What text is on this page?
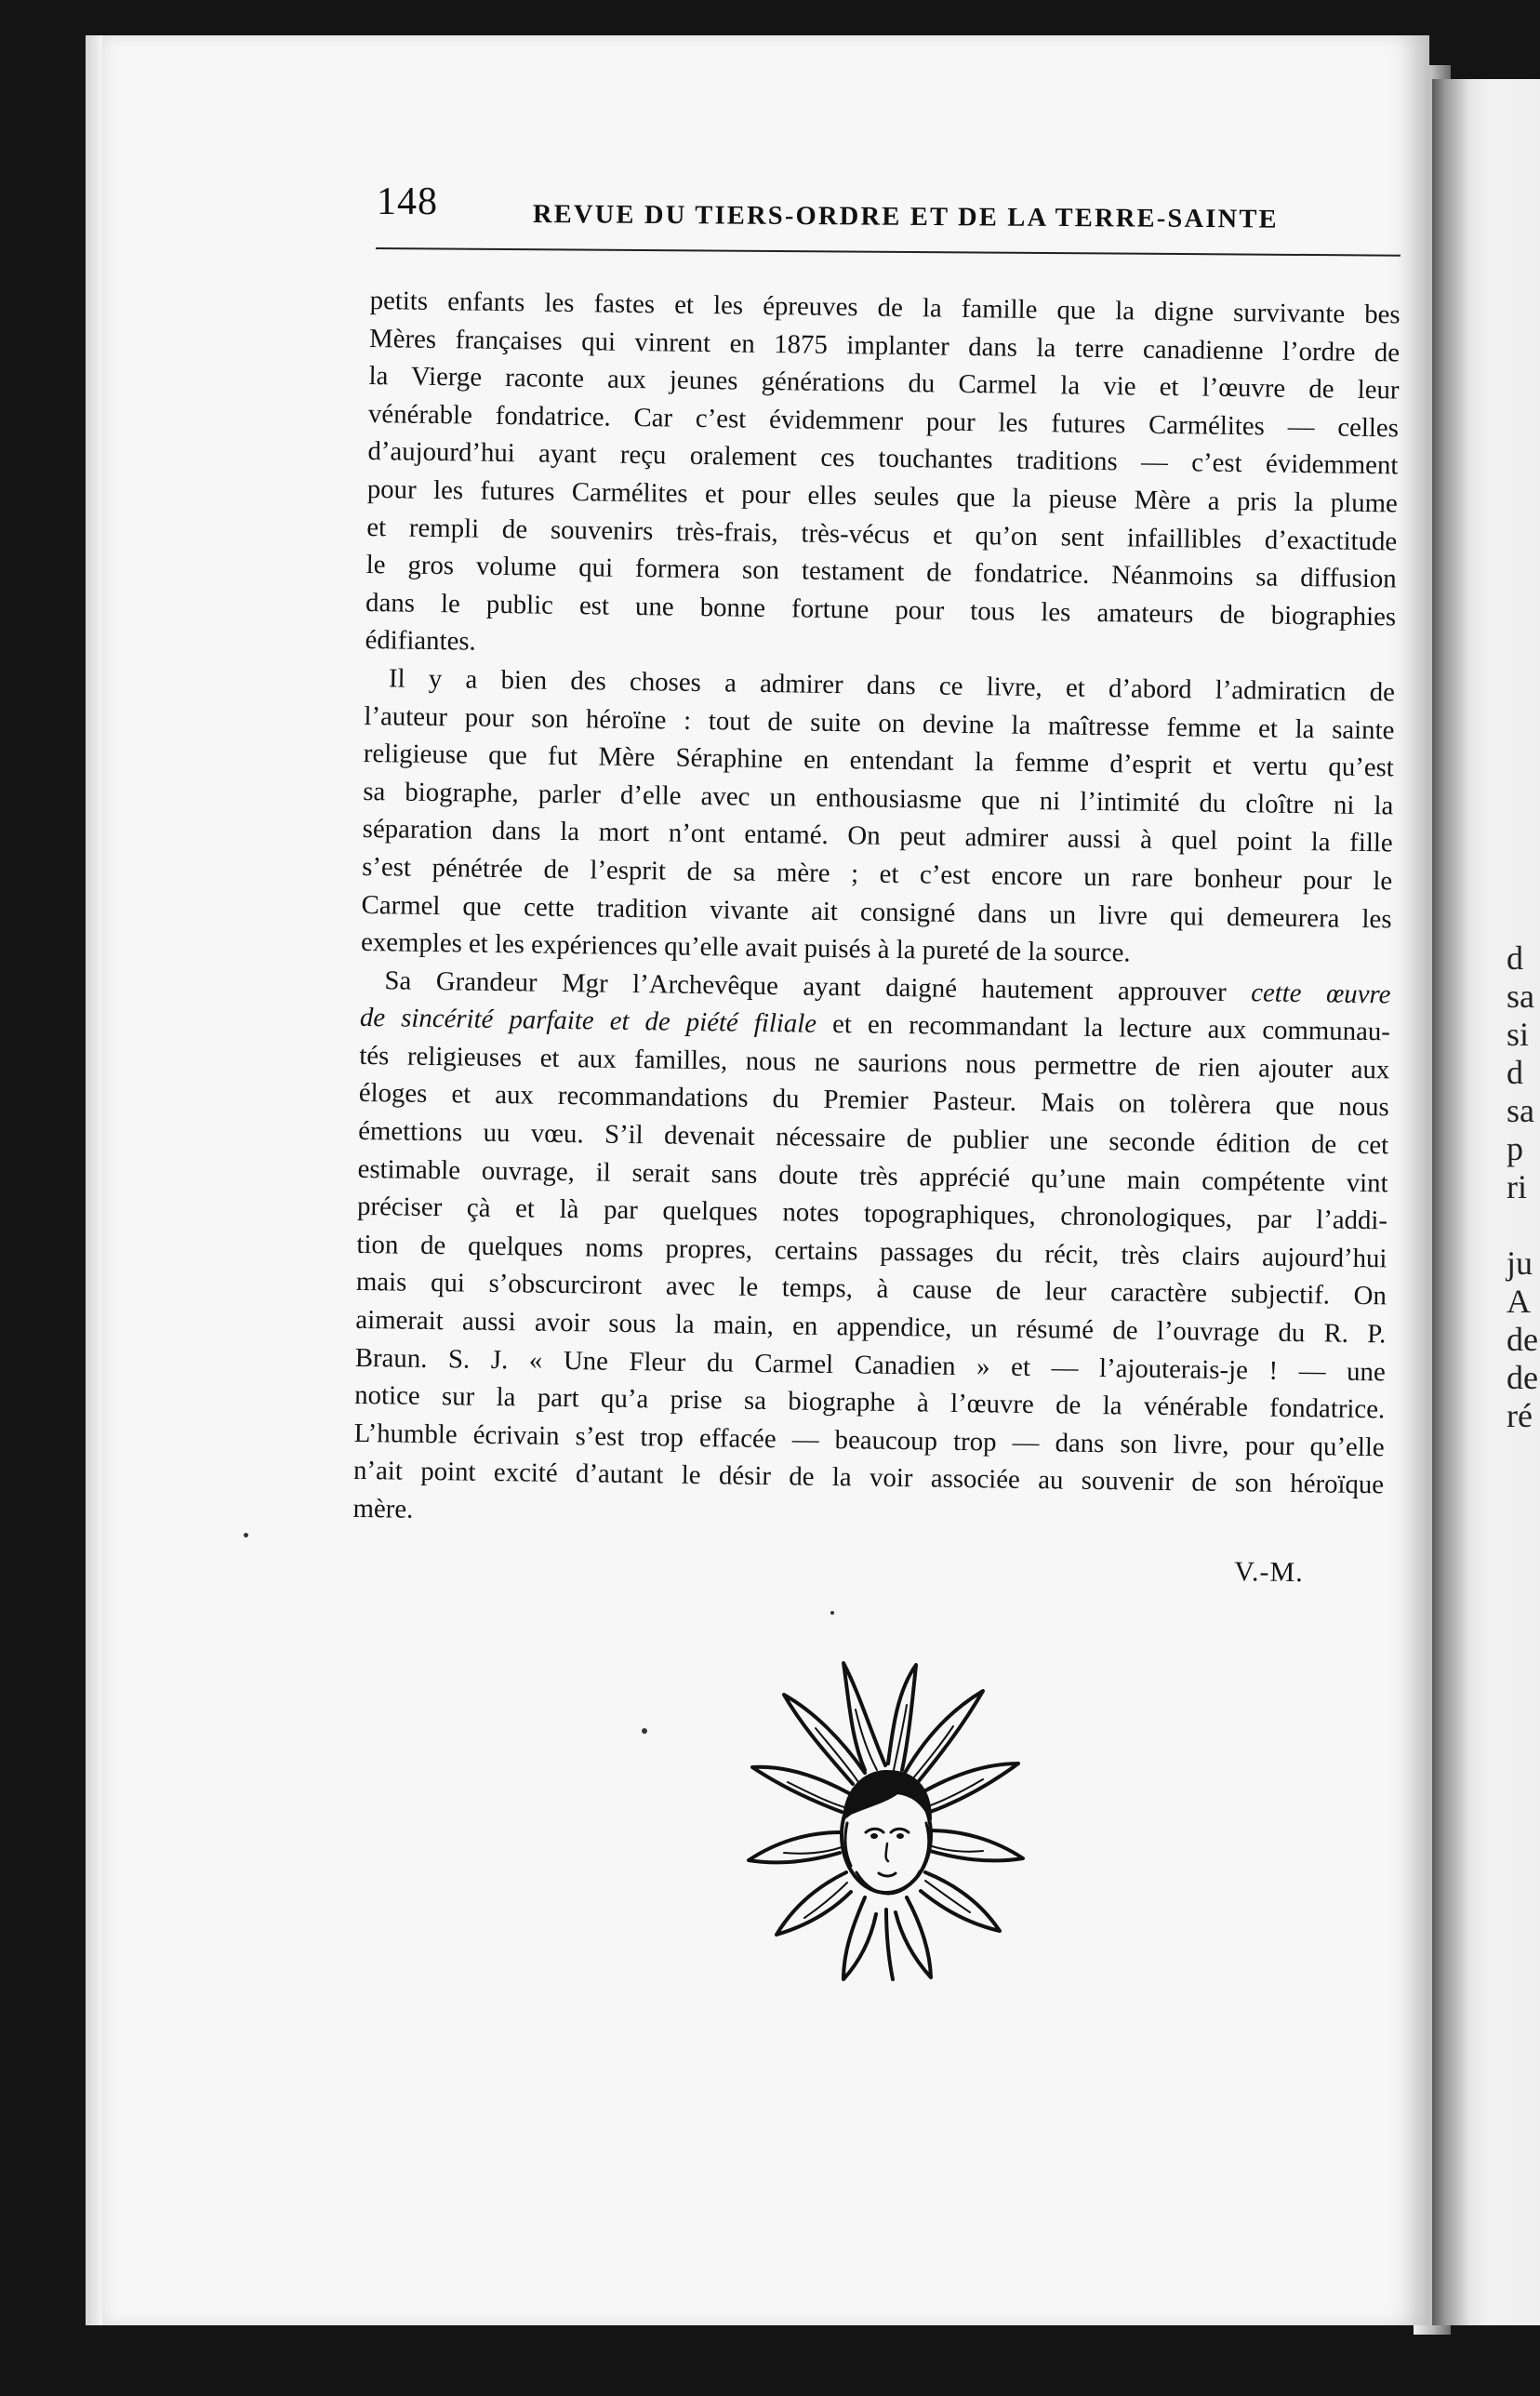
d
sa
si
d
sa
p
ri

ju
A
de
de
ré
148	REVUE DU TIERS-ORDRE ET DE LA TERRE-SAINTE
petits enfants les fastes et les épreuves de la famille que la digne survivante bes
Mères françaises qui vinrent en 1875 implanter dans la terre canadienne l’ordre de
la Vierge raconte aux jeunes générations du Carmel la vie et l’œuvre de leur
vénérable fondatrice. Car c’est évidemmenr pour les futures Carmélites — celles
d’aujourd’hui ayant reçu oralement ces touchantes traditions — c’est évidemment
pour les futures Carmélites et pour elles seules que la pieuse Mère a pris la plume
et rempli de souvenirs très-frais, très-vécus et qu’on sent infaillibles d’exactitude
le gros volume qui formera son testament de fondatrice. Néanmoins sa diffusion
dans le public est une bonne fortune pour tous les amateurs de biographies
édifiantes.
Il y a bien des choses a admirer dans ce livre, et d’abord l’admiraticn de
l’auteur pour son héroïne : tout de suite on devine la maîtresse femme et la sainte
religieuse que fut Mère Séraphine en entendant la femme d’esprit et vertu qu’est
sa biographe, parler d’elle avec un enthousiasme que ni l’intimité du cloître ni la
séparation dans la mort n’ont entamé. On peut admirer aussi à quel point la fille
s’est pénétrée de l’esprit de sa mère ; et c’est encore un rare bonheur pour le
Carmel que cette tradition vivante ait consigné dans un livre qui demeurera les
exemples et les expériences qu’elle avait puisés à la pureté de la source.
Sa Grandeur Mgr l’Archevêque ayant daigné hautement approuver cette œuvre
de sincérité parfaite et de piété filiale et en recommandant la lecture aux communau-
tés religieuses et aux familles, nous ne saurions nous permettre de rien ajouter aux
éloges et aux recommandations du Premier Pasteur. Mais on tolèrera que nous
émettions uu vœu. S’il devenait nécessaire de publier une seconde édition de cet
estimable ouvrage, il serait sans doute très apprécié qu’une main compétente vint
préciser çà et là par quelques notes topographiques, chronologiques, par l’addi-
tion de quelques noms propres, certains passages du récit, très clairs aujourd’hui
mais qui s’obscurciront avec le temps, à cause de leur caractère subjectif. On
aimerait aussi avoir sous la main, en appendice, un résumé de l’ouvrage du R. P.
Braun. S. J. « Une Fleur du Carmel Canadien » et — l’ajouterais-je ! — une
notice sur la part qu’a prise sa biographe à l’œuvre de la vénérable fondatrice.
L’humble écrivain s’est trop effacée — beaucoup trop — dans son livre, pour qu’elle
n’ait point excité d’autant le désir de la voir associée au souvenir de son héroïque
mère.
V.-M.
